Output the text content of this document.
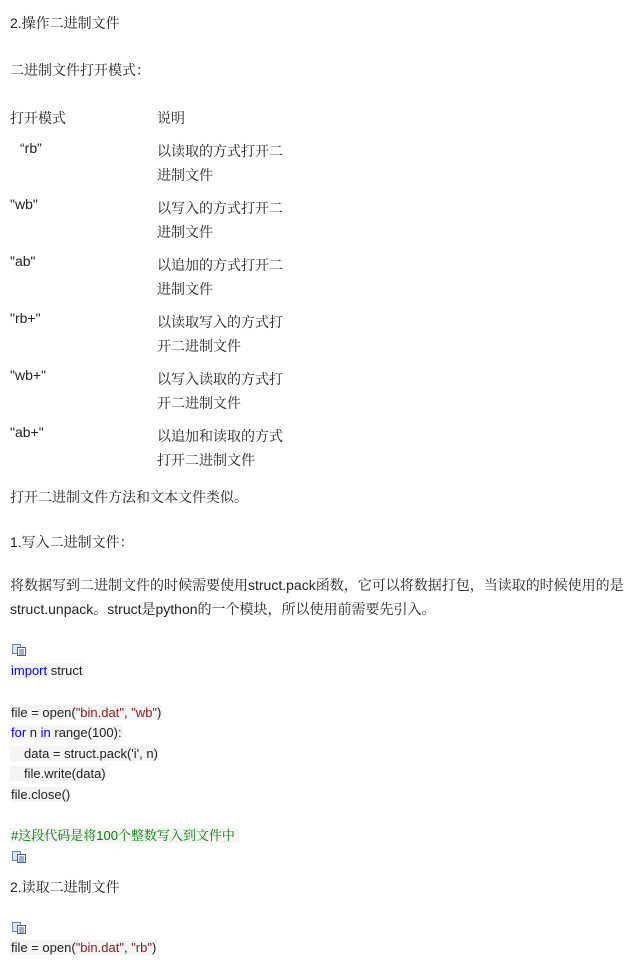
2.操作二进制文件
二进制文件打开模式：
打开模式	说明
“rb”	以读取的方式打开二
进制文件
"wb"	以写入的方式打开二
进制文件
"ab"	以追加的方式打开二
进制文件
"rb+"	以读取写入的方式打
开二进制文件
"wb+"	以写入读取的方式打
开二进制文件
"ab+"	以追加和读取的方式
打开二进制文件
打开二进制文件方法和文本文件类似。
1.写入二进制文件：
将数据写到二进制文件的时候需要使用struct.pack函数，它可以将数据打包，当读取的时候使用的是
struct.unpack。struct是python的一个模块，所以使用前需要先引入。
import struct
file = open("bin.dat", "wb")
for n in range(100):
data = struct.pack('i', n)
file.write(data)
file.close()
#这段代码是将100个整数写入到文件中
2.读取二进制文件
file = open("bin.dat", "rb")
